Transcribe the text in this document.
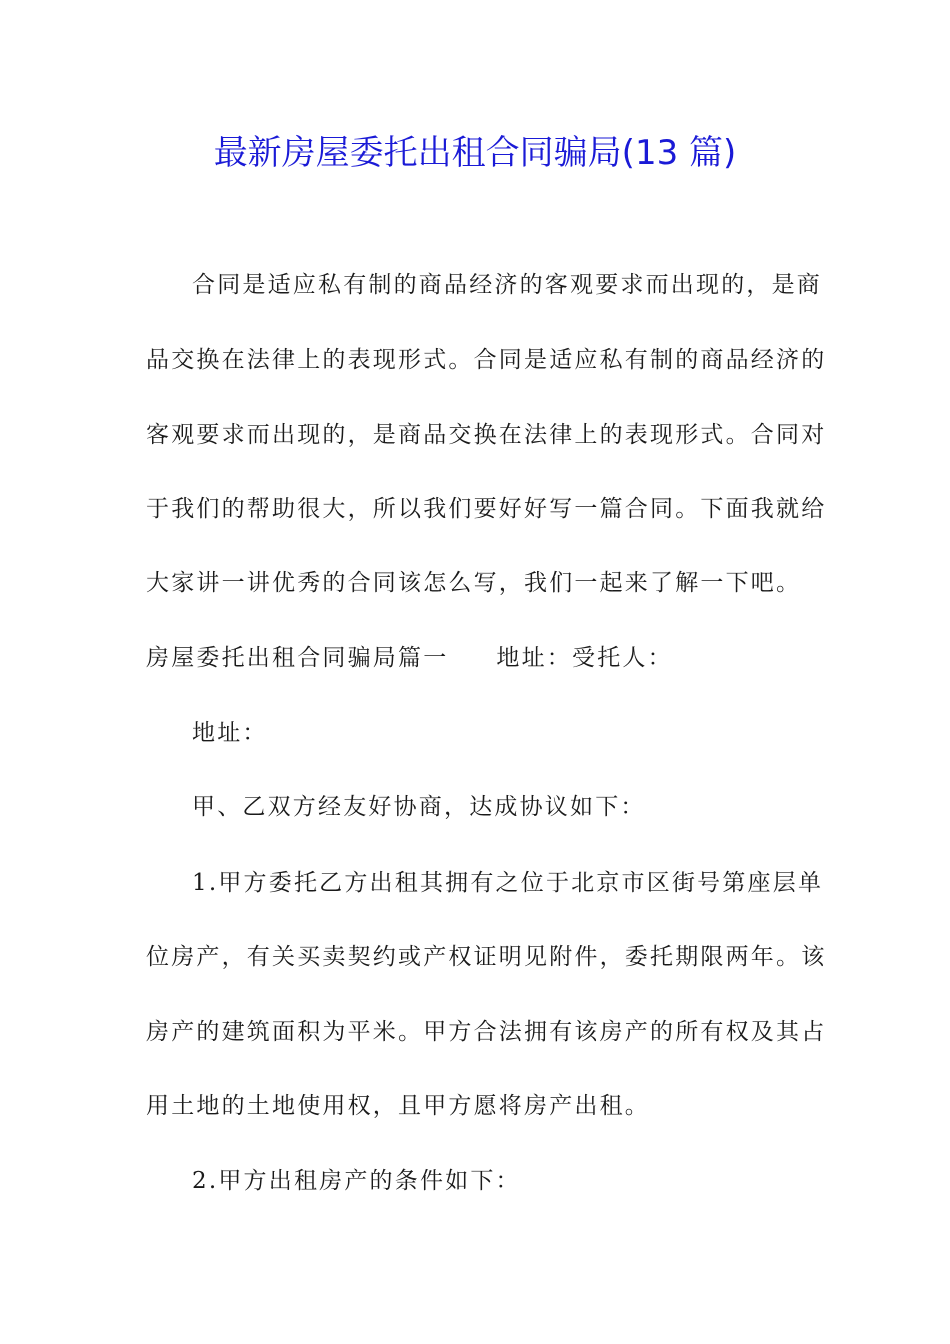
最新房屋委托出租合同骗局(13 篇)

合同是适应私有制的商品经济的客观要求而出现的，是商

品交换在法律上的表现形式。合同是适应私有制的商品经济的

客观要求而出现的，是商品交换在法律上的表现形式。合同对

于我们的帮助很大，所以我们要好好写一篇合同。下面我就给

大家讲一讲优秀的合同该怎么写，我们一起来了解一下吧。

房屋委托出租合同骗局篇一 地址：受托人：

地址：

甲、乙双方经友好协商，达成协议如下：

1.甲方委托乙方出租其拥有之位于北京市区街号第座层单

位房产，有关买卖契约或产权证明见附件，委托期限两年。该

房产的建筑面积为平米。甲方合法拥有该房产的所有权及其占

用土地的土地使用权，且甲方愿将房产出租。

2.甲方出租房产的条件如下：
